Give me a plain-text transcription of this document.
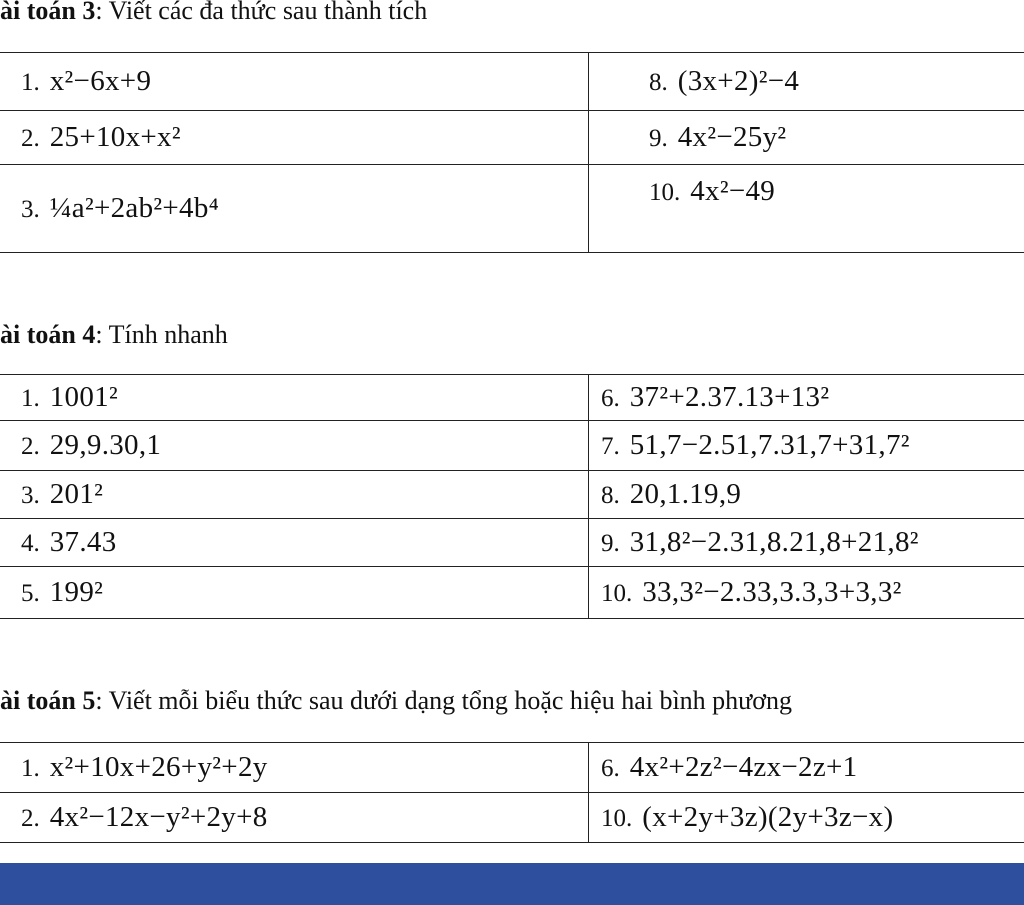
ài toán 3: Viết các đa thức sau thành tích
1. x²−6x+9	8. (3x+2)²−4
2. 25+10x+x²	9. 4x²−25y²
3. ¼a²+2ab²+4b⁴	10. 4x²−49
ài toán 4: Tính nhanh
1. 1001²	6. 37²+2.37.13+13²
2. 29,9.30,1	7. 51,7−2.51,7.31,7+31,7²
3. 201²	8. 20,1.19,9
4. 37.43	9. 31,8²−2.31,8.21,8+21,8²
5. 199²	10. 33,3²−2.33,3.3,3+3,3²
ài toán 5: Viết mỗi biểu thức sau dưới dạng tổng hoặc hiệu hai bình phương
1. x²+10x+26+y²+2y	6. 4x²+2z²−4zx−2z+1
2. 4x²−12x−y²+2y+8	10. (x+2y+3z)(2y+3z−x)
